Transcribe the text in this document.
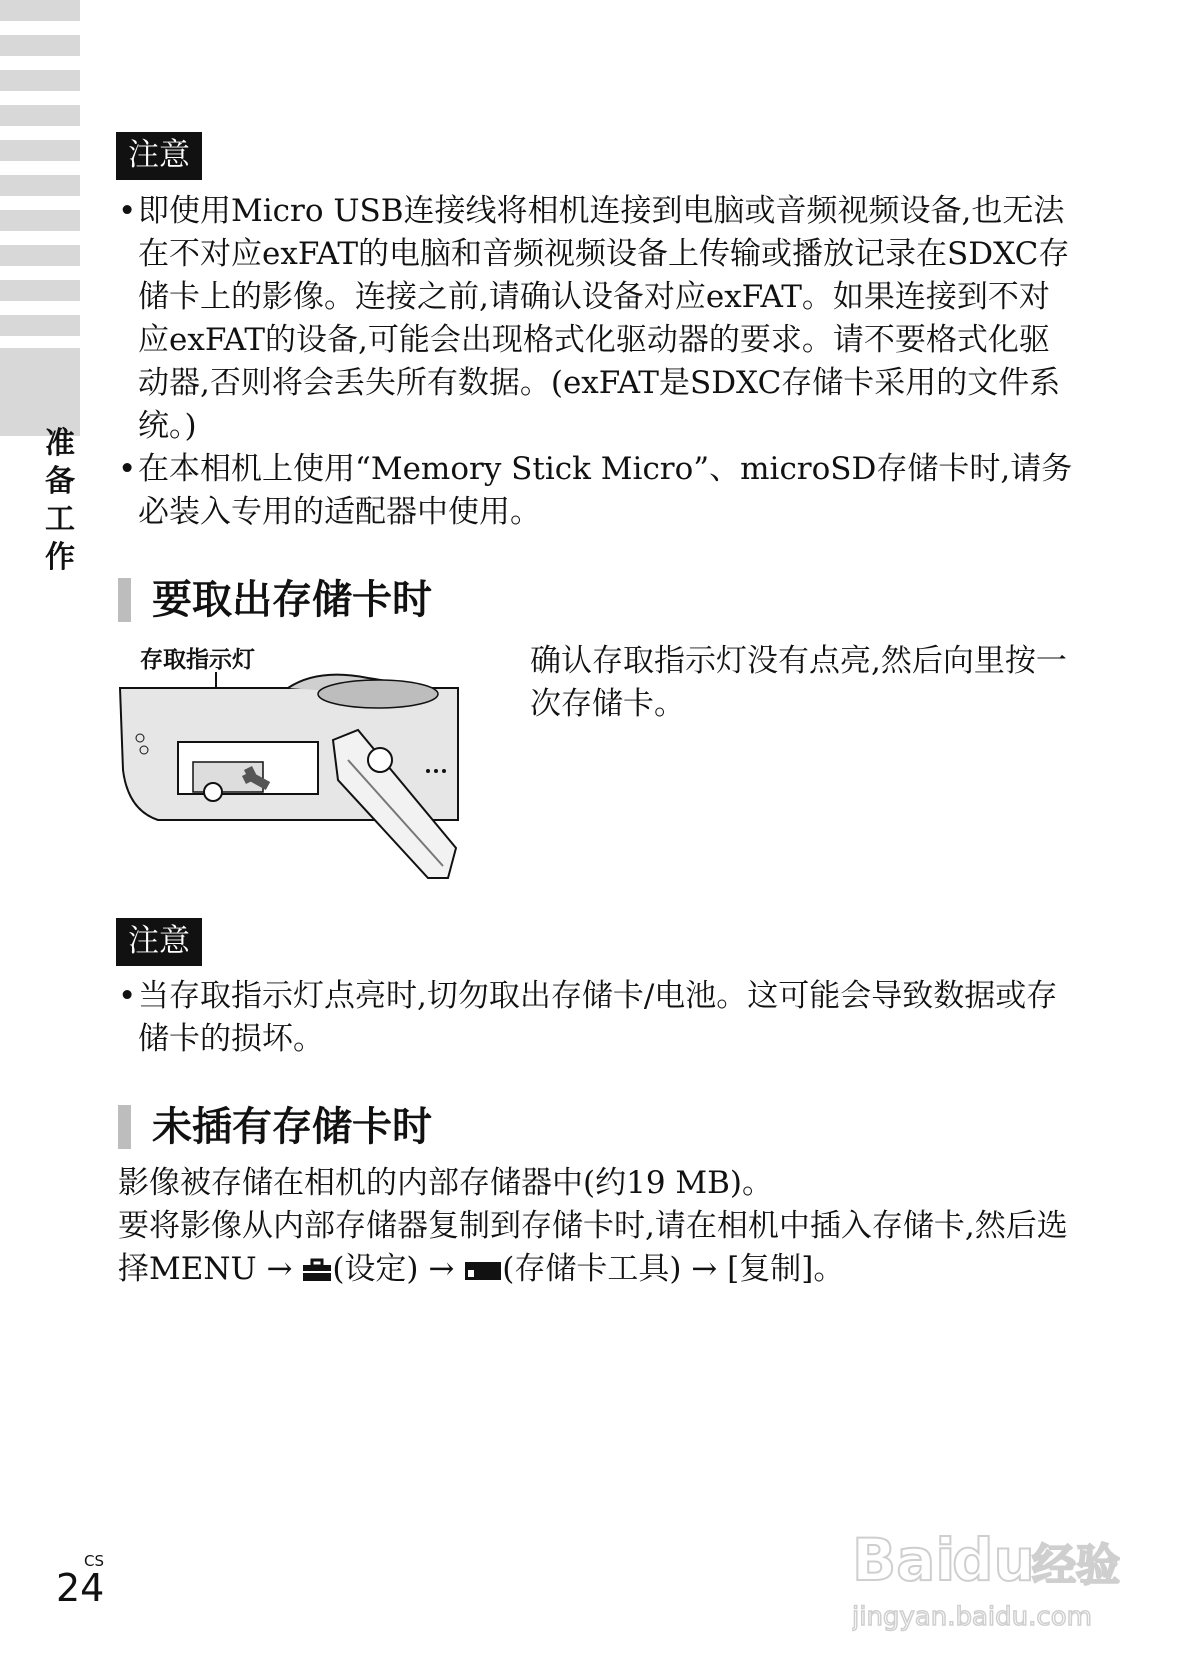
准
备
工
作
注意
• 即使用Micro USB连接线将相机连接到电脑或音频视频设备,也无法在不对应exFAT的电脑和音频视频设备上传输或播放记录在SDXC存储卡上的影像。连接之前,请确认设备对应exFAT。如果连接到不对应exFAT的设备,可能会出现格式化驱动器的要求。请不要格式化驱动器,否则将会丢失所有数据。(exFAT是SDXC存储卡采用的文件系统。)
• 在本相机上使用“Memory Stick Micro”、microSD存储卡时,请务必装入专用的适配器中使用。
要取出存储卡时
存取指示灯	确认存取指示灯没有点亮,然后向里按一次存储卡。
注意
• 当存取指示灯点亮时,切勿取出存储卡/电池。这可能会导致数据或存储卡的损坏。
未插有存储卡时
影像被存储在相机的内部存储器中(约19 MB)。
要将影像从内部存储器复制到存储卡时,请在相机中插入存储卡,然后选择MENU → (设定) → (存储卡工具) → [复制]。
CS
24	Bai
du
经验
jingyan.baidu.com
